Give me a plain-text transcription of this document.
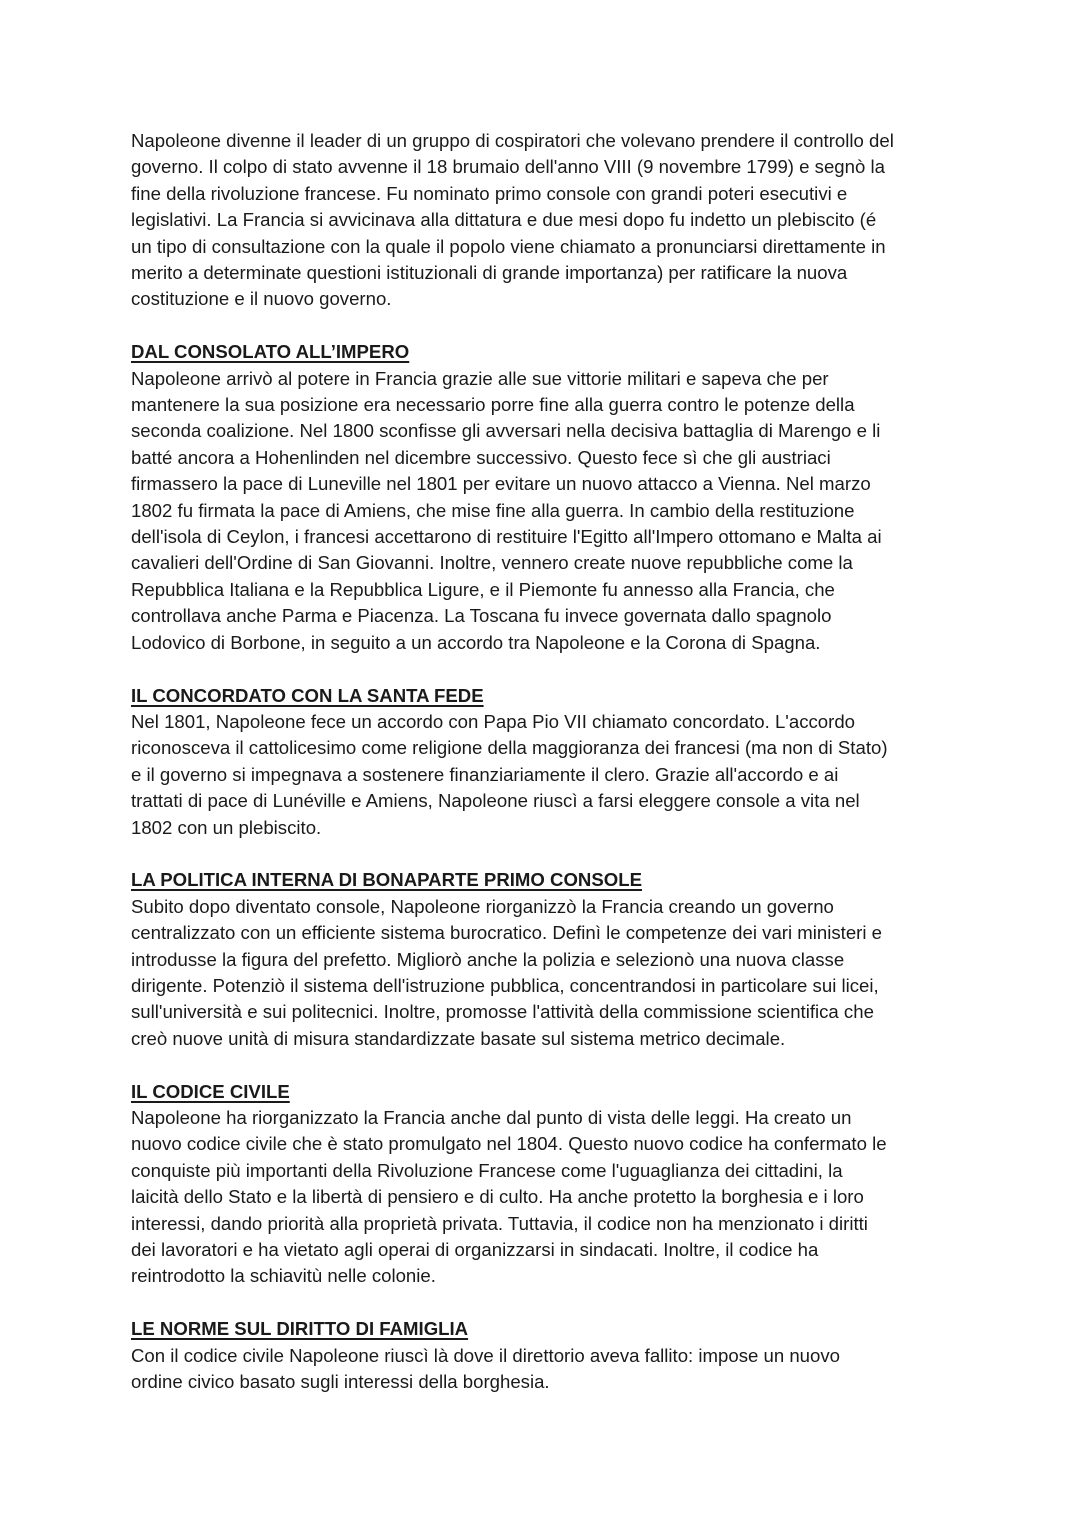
Napoleone divenne il leader di un gruppo di cospiratori che volevano prendere il controllo del
governo. Il colpo di stato avvenne il 18 brumaio dell'anno VIII (9 novembre 1799) e segnò la
fine della rivoluzione francese. Fu nominato primo console con grandi poteri esecutivi e
legislativi. La Francia si avvicinava alla dittatura e due mesi dopo fu indetto un plebiscito (é
un tipo di consultazione con la quale il popolo viene chiamato a pronunciarsi direttamente in
merito a determinate questioni istituzionali di grande importanza) per ratificare la nuova
costituzione e il nuovo governo.

DAL CONSOLATO ALL’IMPERO

Napoleone arrivò al potere in Francia grazie alle sue vittorie militari e sapeva che per
mantenere la sua posizione era necessario porre fine alla guerra contro le potenze della
seconda coalizione. Nel 1800 sconfisse gli avversari nella decisiva battaglia di Marengo e li
batté ancora a Hohenlinden nel dicembre successivo. Questo fece sì che gli austriaci
firmassero la pace di Luneville nel 1801 per evitare un nuovo attacco a Vienna. Nel marzo
1802 fu firmata la pace di Amiens, che mise fine alla guerra. In cambio della restituzione
dell'isola di Ceylon, i francesi accettarono di restituire l'Egitto all'Impero ottomano e Malta ai
cavalieri dell'Ordine di San Giovanni. Inoltre, vennero create nuove repubbliche come la
Repubblica Italiana e la Repubblica Ligure, e il Piemonte fu annesso alla Francia, che
controllava anche Parma e Piacenza. La Toscana fu invece governata dallo spagnolo
Lodovico di Borbone, in seguito a un accordo tra Napoleone e la Corona di Spagna.

IL CONCORDATO CON LA SANTA FEDE

Nel 1801, Napoleone fece un accordo con Papa Pio VII chiamato concordato. L'accordo
riconosceva il cattolicesimo come religione della maggioranza dei francesi (ma non di Stato)
e il governo si impegnava a sostenere finanziariamente il clero. Grazie all'accordo e ai
trattati di pace di Lunéville e Amiens, Napoleone riuscì a farsi eleggere console a vita nel
1802 con un plebiscito.

LA POLITICA INTERNA DI BONAPARTE PRIMO CONSOLE

Subito dopo diventato console, Napoleone riorganizzò la Francia creando un governo
centralizzato con un efficiente sistema burocratico. Definì le competenze dei vari ministeri e
introdusse la figura del prefetto. Migliorò anche la polizia e selezionò una nuova classe
dirigente. Potenziò il sistema dell'istruzione pubblica, concentrandosi in particolare sui licei,
sull'università e sui politecnici. Inoltre, promosse l'attività della commissione scientifica che
creò nuove unità di misura standardizzate basate sul sistema metrico decimale.

IL CODICE CIVILE

Napoleone ha riorganizzato la Francia anche dal punto di vista delle leggi. Ha creato un
nuovo codice civile che è stato promulgato nel 1804. Questo nuovo codice ha confermato le
conquiste più importanti della Rivoluzione Francese come l'uguaglianza dei cittadini, la
laicità dello Stato e la libertà di pensiero e di culto. Ha anche protetto la borghesia e i loro
interessi, dando priorità alla proprietà privata. Tuttavia, il codice non ha menzionato i diritti
dei lavoratori e ha vietato agli operai di organizzarsi in sindacati. Inoltre, il codice ha
reintrodotto la schiavitù nelle colonie.

LE NORME SUL DIRITTO DI FAMIGLIA

Con il codice civile Napoleone riuscì là dove il direttorio aveva fallito: impose un nuovo
ordine civico basato sugli interessi della borghesia.
